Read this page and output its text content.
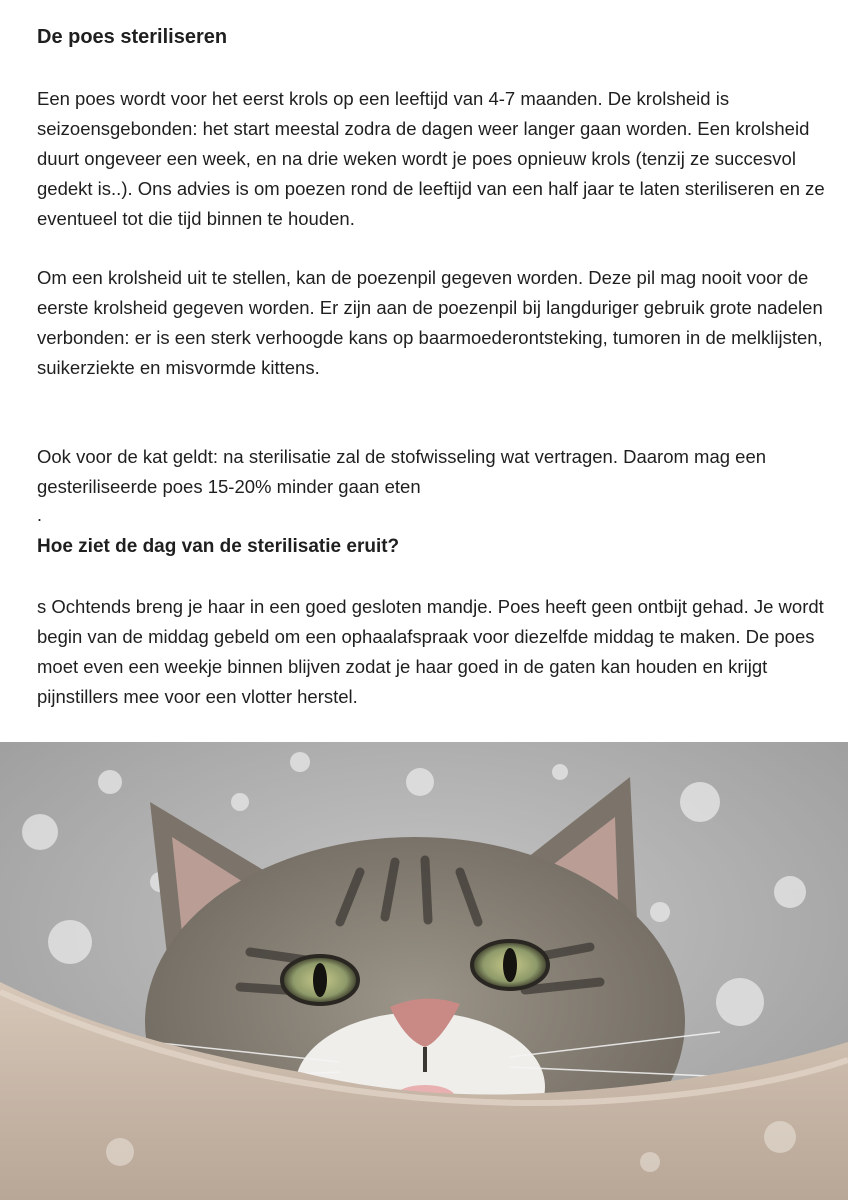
De poes steriliseren

Een poes wordt voor het eerst krols op een leeftijd van 4-7 maanden. De krolsheid is seizoensgebonden: het start meestal zodra de dagen weer langer gaan worden. Een krolsheid duurt ongeveer een week, en na drie weken wordt je poes opnieuw krols (tenzij ze succesvol gedekt is..). Ons advies is om poezen rond de leeftijd van een half jaar te laten steriliseren en ze eventueel tot die tijd binnen te houden.

Om een krolsheid uit te stellen, kan de poezenpil gegeven worden. Deze pil mag nooit voor de eerste krolsheid gegeven worden. Er zijn aan de poezenpil bij langduriger gebruik grote nadelen verbonden: er is een sterk verhoogde kans op baarmoederontsteking, tumoren in de melklijsten, suikerziekte en misvormde kittens.

Ook voor de kat geldt: na sterilisatie zal de stofwisseling wat vertragen. Daarom mag een gesteriliseerde poes 15-20% minder gaan eten

.
Hoe ziet de dag van de sterilisatie eruit?

s Ochtends breng je haar in een goed gesloten mandje. Poes heeft geen ontbijt gehad. Je wordt begin van de middag gebeld om een ophaalafspraak voor diezelfde middag te maken. De poes moet even een weekje binnen blijven zodat je haar goed in de gaten kan houden en krijgt pijnstillers mee voor een vlotter herstel.
